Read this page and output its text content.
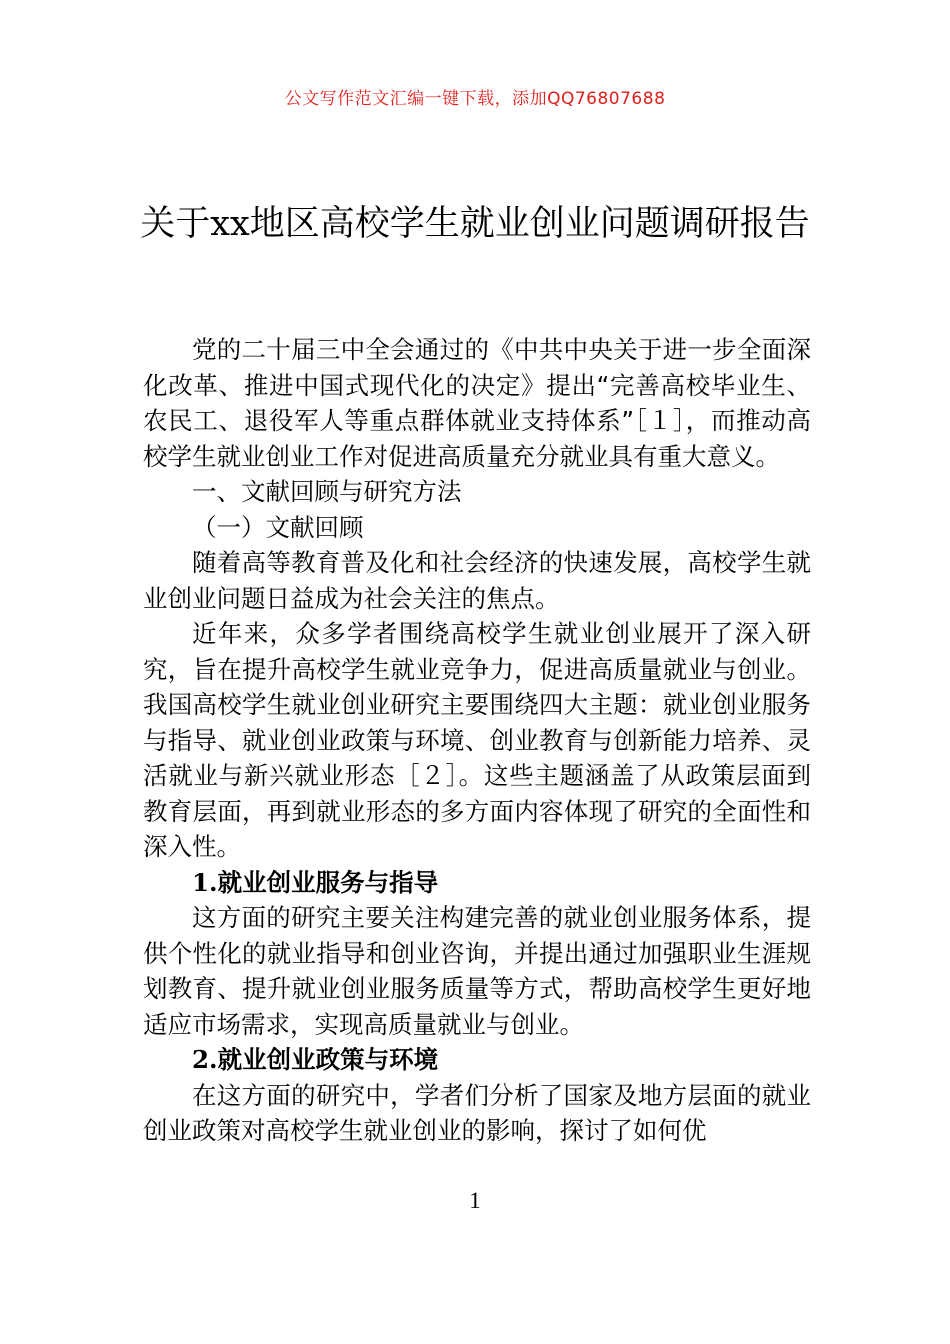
公文写作范文汇编一键下载，添加QQ76807688
关于xx地区高校学生就业创业问题调研报告

党的二十届三中全会通过的《中共中央关于进一步全面深化改革、推进中国式现代化的决定》提出“完善高校毕业生、农民工、退役军人等重点群体就业支持体系”［１］，而推动高校学生就业创业工作对促进高质量充分就业具有重大意义。

一、文献回顾与研究方法

（一）文献回顾

随着高等教育普及化和社会经济的快速发展，高校学生就业创业问题日益成为社会关注的焦点。

近年来，众多学者围绕高校学生就业创业展开了深入研究，旨在提升高校学生就业竞争力，促进高质量就业与创业。我国高校学生就业创业研究主要围绕四大主题：就业创业服务与指导、就业创业政策与环境、创业教育与创新能力培养、灵活就业与新兴就业形态［２］。这些主题涵盖了从政策层面到教育层面，再到就业形态的多方面内容体现了研究的全面性和深入性。

1.就业创业服务与指导

这方面的研究主要关注构建完善的就业创业服务体系，提供个性化的就业指导和创业咨询，并提出通过加强职业生涯规划教育、提升就业创业服务质量等方式，帮助高校学生更好地适应市场需求，实现高质量就业与创业。

2.就业创业政策与环境

在这方面的研究中，学者们分析了国家及地方层面的就业创业政策对高校学生就业创业的影响，探讨了如何优

1
